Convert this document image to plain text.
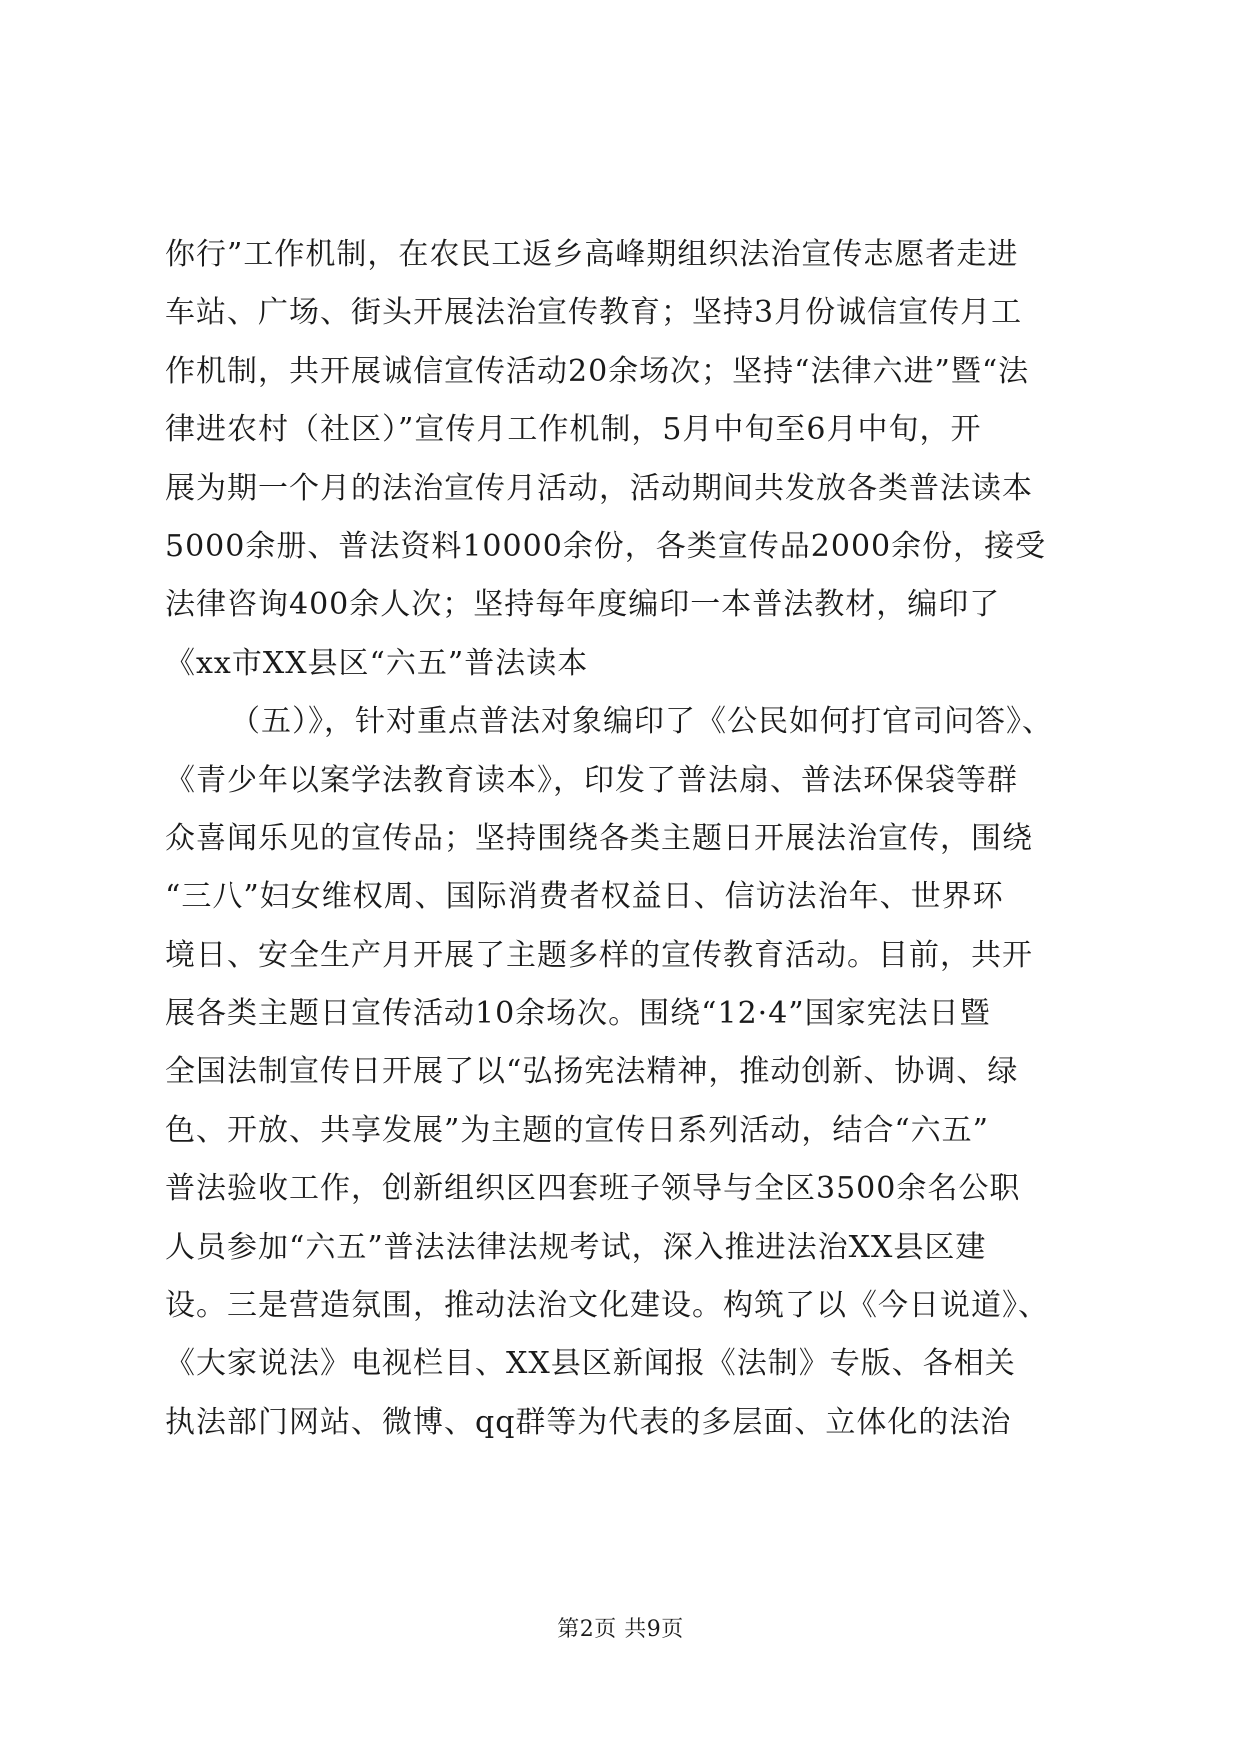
你行”工作机制，在农民工返乡高峰期组织法治宣传志愿者走进
车站、广场、街头开展法治宣传教育；坚持3月份诚信宣传月工
作机制，共开展诚信宣传活动20余场次；坚持“法律六进”暨“法
律进农村（社区）”宣传月工作机制，5月中旬至6月中旬，开
展为期一个月的法治宣传月活动，活动期间共发放各类普法读本
5000余册、普法资料10000余份，各类宣传品2000余份，接受
法律咨询400余人次；坚持每年度编印一本普法教材，编印了
《xx市XX县区“六五”普法读本
（五）》，针对重点普法对象编印了《公民如何打官司问答》、
《青少年以案学法教育读本》，印发了普法扇、普法环保袋等群
众喜闻乐见的宣传品；坚持围绕各类主题日开展法治宣传，围绕
“三八”妇女维权周、国际消费者权益日、信访法治年、世界环
境日、安全生产月开展了主题多样的宣传教育活动。目前，共开
展各类主题日宣传活动10余场次。围绕“12·4”国家宪法日暨
全国法制宣传日开展了以“弘扬宪法精神，推动创新、协调、绿
色、开放、共享发展”为主题的宣传日系列活动，结合“六五”
普法验收工作，创新组织区四套班子领导与全区3500余名公职
人员参加“六五”普法法律法规考试，深入推进法治XX县区建
设。三是营造氛围，推动法治文化建设。构筑了以《今日说道》、
《大家说法》电视栏目、XX县区新闻报《法制》专版、各相关
执法部门网站、微博、qq群等为代表的多层面、立体化的法治
第2页 共9页
